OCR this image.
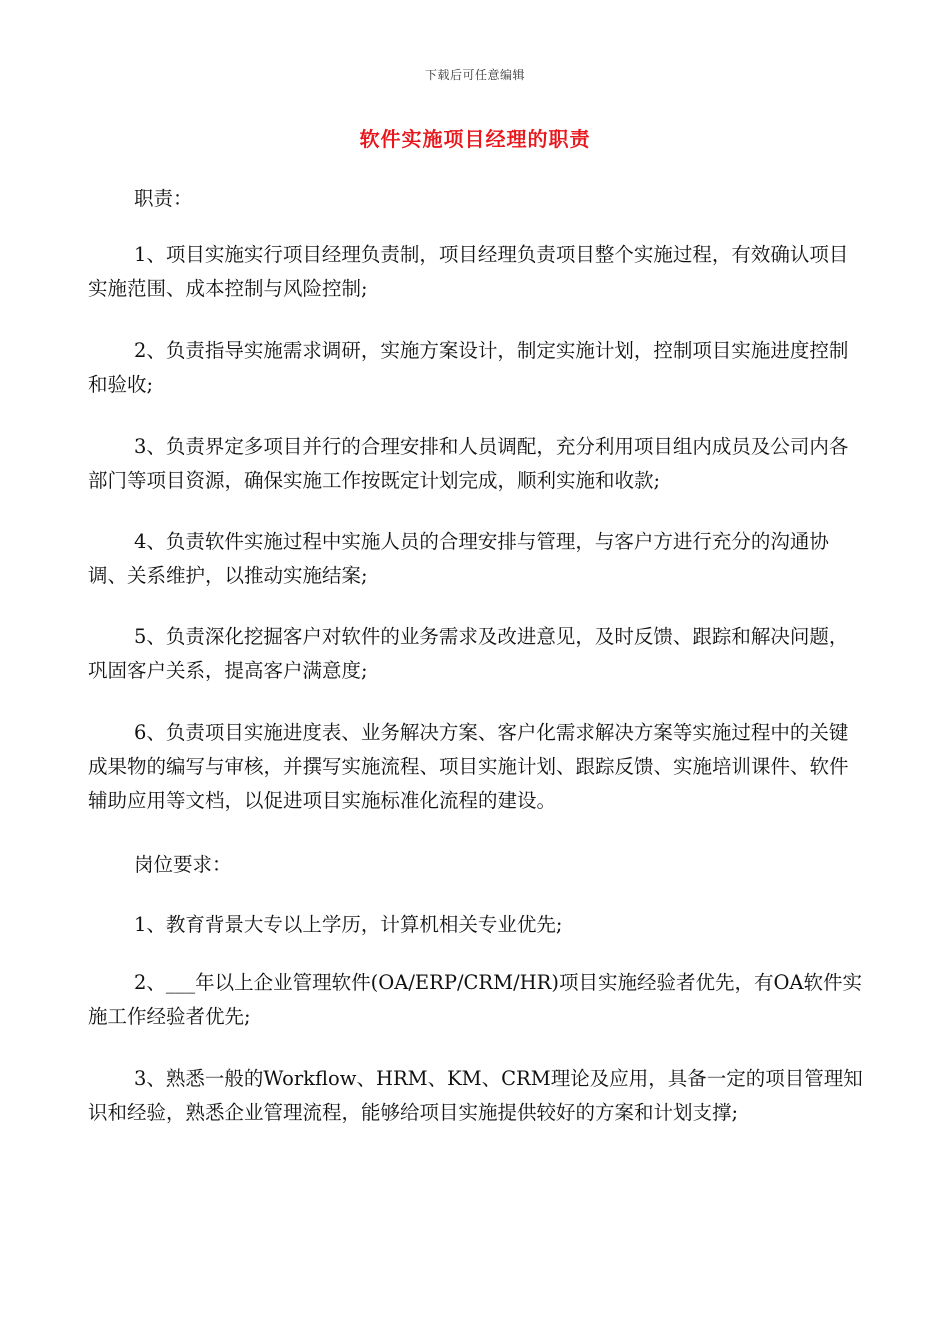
下载后可任意编辑
软件实施项目经理的职责

职责：

1、项目实施实行项目经理负责制，项目经理负责项目整个实施过程，有效确认项目实施范围、成本控制与风险控制;

2、负责指导实施需求调研，实施方案设计，制定实施计划，控制项目实施进度控制和验收;

3、负责界定多项目并行的合理安排和人员调配，充分利用项目组内成员及公司内各部门等项目资源，确保实施工作按既定计划完成，顺利实施和收款;

4、负责软件实施过程中实施人员的合理安排与管理，与客户方进行充分的沟通协调、关系维护，以推动实施结案;

5、负责深化挖掘客户对软件的业务需求及改进意见，及时反馈、跟踪和解决问题，巩固客户关系，提高客户满意度;

6、负责项目实施进度表、业务解决方案、客户化需求解决方案等实施过程中的关键成果物的编写与审核，并撰写实施流程、项目实施计划、跟踪反馈、实施培训课件、软件辅助应用等文档，以促进项目实施标准化流程的建设。

岗位要求：

1、教育背景大专以上学历，计算机相关专业优先;

2、___年以上企业管理软件(OA/ERP/CRM/HR)项目实施经验者优先，有OA软件实施工作经验者优先;

3、熟悉一般的Workflow、HRM、KM、CRM理论及应用，具备一定的项目管理知识和经验，熟悉企业管理流程，能够给项目实施提供较好的方案和计划支撑;
